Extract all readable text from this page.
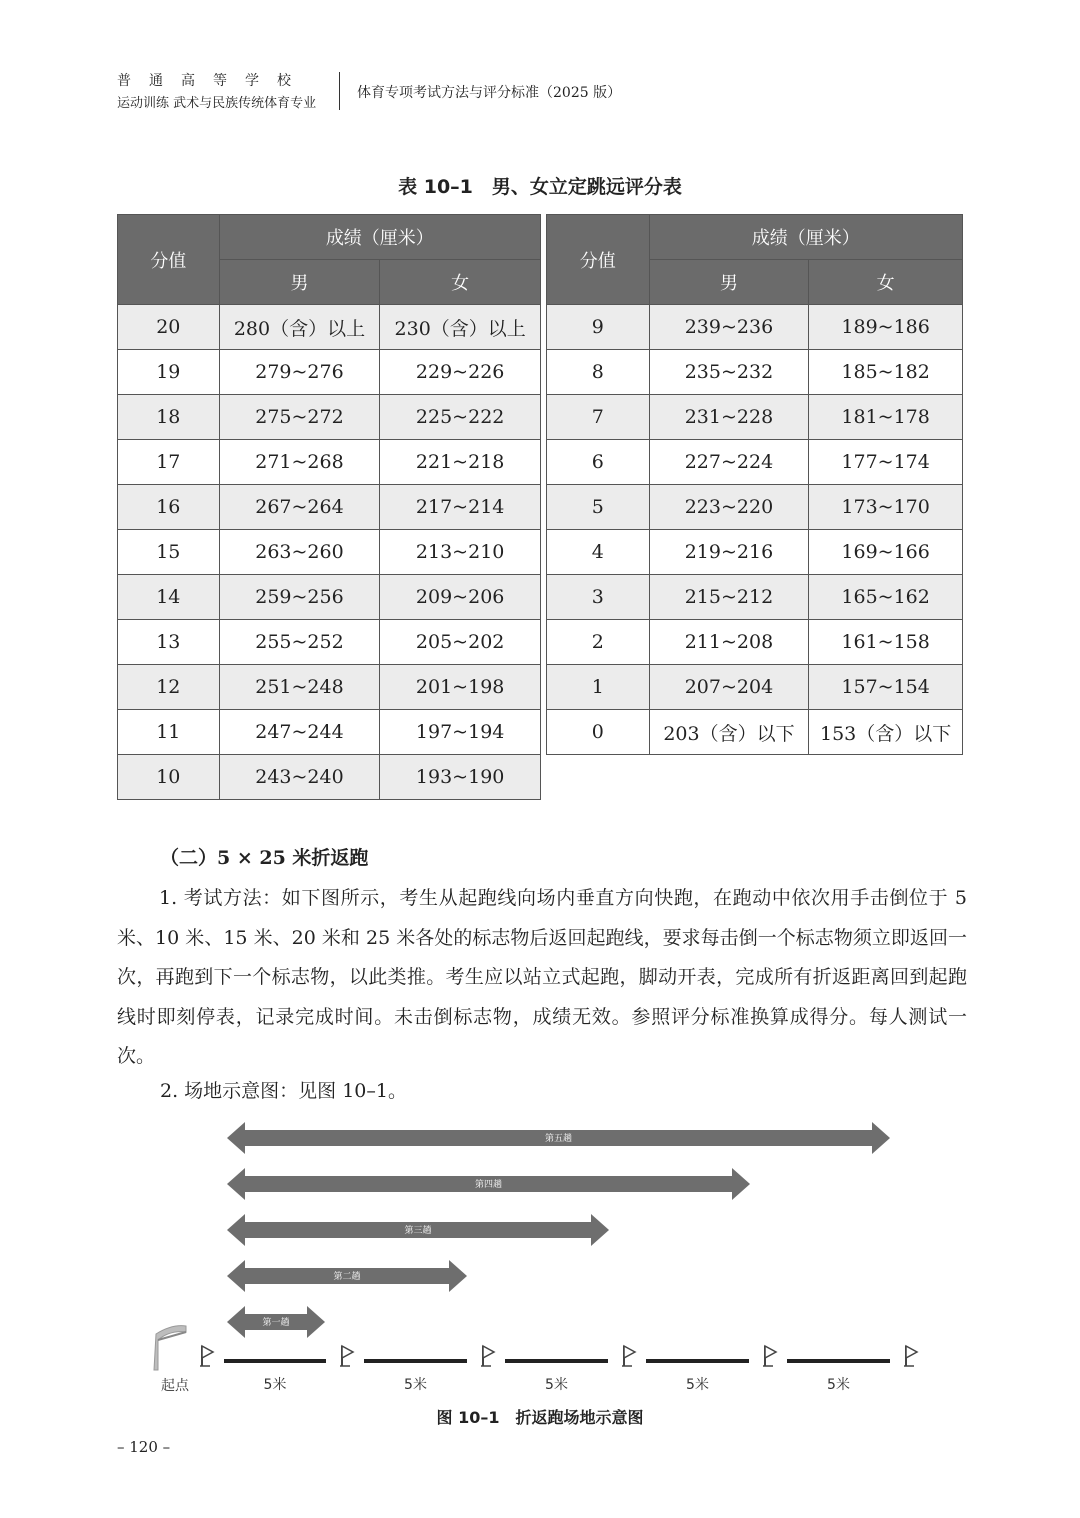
普通高等学校
运动训练 武术与民族传统体育专业
体育专项考试方法与评分标准（2025 版）
表 10–1　男、女立定跳远评分表
分值	成绩（厘米）	
	男	女
20	280（含）以上	230（含）以上
19	279~276	229~226
18	275~272	225~222
17	271~268	221~218
16	267~264	217~214
15	263~260	213~210
14	259~256	209~206
13	255~252	205~202
12	251~248	201~198
11	247~244	197~194
10	243~240	193~190
分值	成绩（厘米）	
	男	女
9	239~236	189~186
8	235~232	185~182
7	231~228	181~178
6	227~224	177~174
5	223~220	173~170
4	219~216	169~166
3	215~212	165~162
2	211~208	161~158
1	207~204	157~154
0	203（含）以下	153（含）以下
（二）5 × 25 米折返跑
1. 考试方法：如下图所示，考生从起跑线向场内垂直方向快跑，在跑动中依次用手击倒位于 5 米、10 米、15 米、20 米和 25 米各处的标志物后返回起跑线，要求每击倒一个标志物须立即返回一次，再跑到下一个标志物，以此类推。考生应以站立式起跑，脚动开表，完成所有折返距离回到起跑线时即刻停表，记录完成时间。未击倒标志物，成绩无效。参照评分标准换算成得分。每人测试一次。
2. 场地示意图：见图 10–1。
第一趟
第二趟
第三趟
第四趟
第五趟
起点	5米	5米	5米	5米	5米
图 10–1　折返跑场地示意图
– 120 –
